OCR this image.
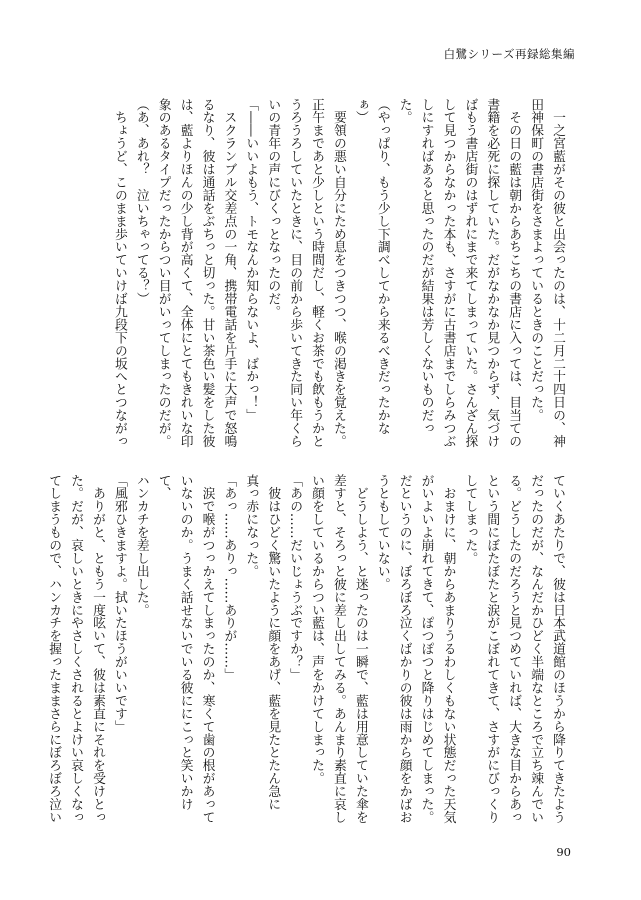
白鷺シリーズ再録総集編

　一之宮藍がその彼と出会ったのは、十二月二十四日の、神

田神保町の書店街をさまよっているときのことだった。

　その日の藍は朝からあちこちの書店に入っては、目当ての

書籍を必死に探していた。だがなかなか見つからず、気づけ

ばもう書店街のはずれにまで来てしまっていた。さんざん探

して見つからなかった本も、さすがに古書店までしらみつぶ

しにすればあると思ったのだが結果は芳しくないものだっ

た。

（やっぱり、もう少し下調べしてから来るべきだったかなぁ）

　要領の悪い自分にため息をつきつつ、喉の渇きを覚えた。

正午まであと少しという時間だし、軽くお茶でも飲もうかと

うろうろしていたときに、目の前から歩いてきた同い年くら

いの青年の声にびくっとなったのだ。

「――いいよもう、トモなんか知らないよ、ばかっ！」

　スクランブル交差点の一角、携帯電話を片手に大声で怒鳴

るなり、彼は通話をぶちっと切った。甘い茶色い髪をした彼

は、藍よりほんの少し背が高くて、全体にとてもきれいな印

象のあるタイプだったからつい目がいってしまったのだが。

（あ、あれ？　泣いちゃってる？）

　ちょうど、このまま歩いていけば九段下の坂へとつながっ

ていくあたりで、彼は日本武道館のほうから降りてきたよう

だったのだが、なんだかひどく半端なところで立ち竦んでい

る。どうしたのだろうと見つめていれば、大きな目からあっ

という間にぼたぼたと涙がこぼれてきて、さすがにびっくり

してしまった。

　おまけに、朝からあまりうるわしくもない状態だった天気

がいよいよ崩れてきて、ぽつぽつと降りはじめてしまった。

だというのに、ぼろぼろ泣くばかりの彼は雨から顔をかばお

うともしていない。

　どうしよう、と迷ったのは一瞬で、藍は用意していた傘を

差すと、そろっと彼に差し出してみる。あんまり素直に哀し

い顔をしているからつい藍は、声をかけてしまった。

「あの……だいじょうぶですか？」

　彼はひどく驚いたように顔をあげ、藍を見たとたん急に

真っ赤になった。

「あっ……ありっ……ありが……」

　涙で喉がつっかえてしまったのか、寒くて歯の根があって

いないのか。うまく話せないでいる彼ににこっと笑いかけて、

ハンカチを差し出した。

「風邪ひきますよ。拭いたほうがいいです」

　ありがと、ともう一度呟いて、彼は素直にそれを受けとっ

た。だが、哀しいときにやさしくされるとよけい哀しくなっ

てしまうもので、ハンカチを握ったままさらにぼろぼろ泣い

90
